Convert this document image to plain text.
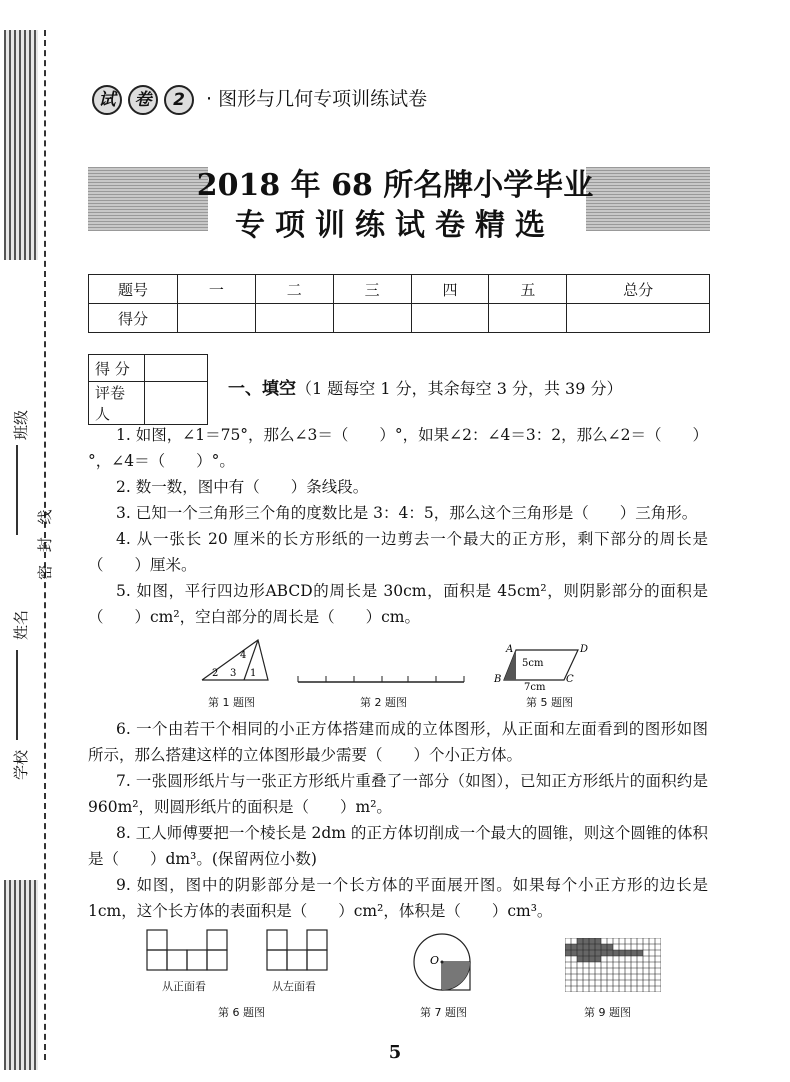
班级
密 封 线
姓名
学校
试 卷 2 · 图形与几何专项训练试卷
2018 年 68 所名牌小学毕业
专项训练试卷精选
题号	一	二	三	四	五	总分
得分						
得 分	
评卷人	
一、填空（1 题每空 1 分，其余每空 3 分，共 39 分）
1. 如图，∠1＝75°，那么∠3＝（　　）°，如果∠2：∠4＝3：2，那么∠2＝（　　）°，∠4＝（　　）°。
2. 数一数，图中有（　　）条线段。
3. 已知一个三角形三个角的度数比是 3：4：5，那么这个三角形是（　　）三角形。
4. 从一张长 20 厘米的长方形纸的一边剪去一个最大的正方形，剩下部分的周长是（　　）厘米。
5. 如图，平行四边形ABCD的周长是 30cm，面积是 45cm²，则阴影部分的面积是（　　）cm²，空白部分的周长是（　　）cm。
4
3
2	1
第 1 题图	第 2 题图
A
B	C
D
5cm
7cm
第 5 题图
6. 一个由若干个相同的小正方体搭建而成的立体图形，从正面和左面看到的图形如图所示，那么搭建这样的立体图形最少需要（　　）个小正方体。
7. 一张圆形纸片与一张正方形纸片重叠了一部分（如图），已知正方形纸片的面积约是 960m²，则圆形纸片的面积是（　　）m²。
8. 工人师傅要把一个棱长是 2dm 的正方体切削成一个最大的圆锥，则这个圆锥的体积是（　　）dm³。(保留两位小数)
9. 如图，图中的阴影部分是一个长方体的平面展开图。如果每个小正方形的边长是 1cm，这个长方体的表面积是（　　）cm²，体积是（　　）cm³。
从正面看	从左面看
第 6 题图
O
第 7 题图	第 9 题图
5
